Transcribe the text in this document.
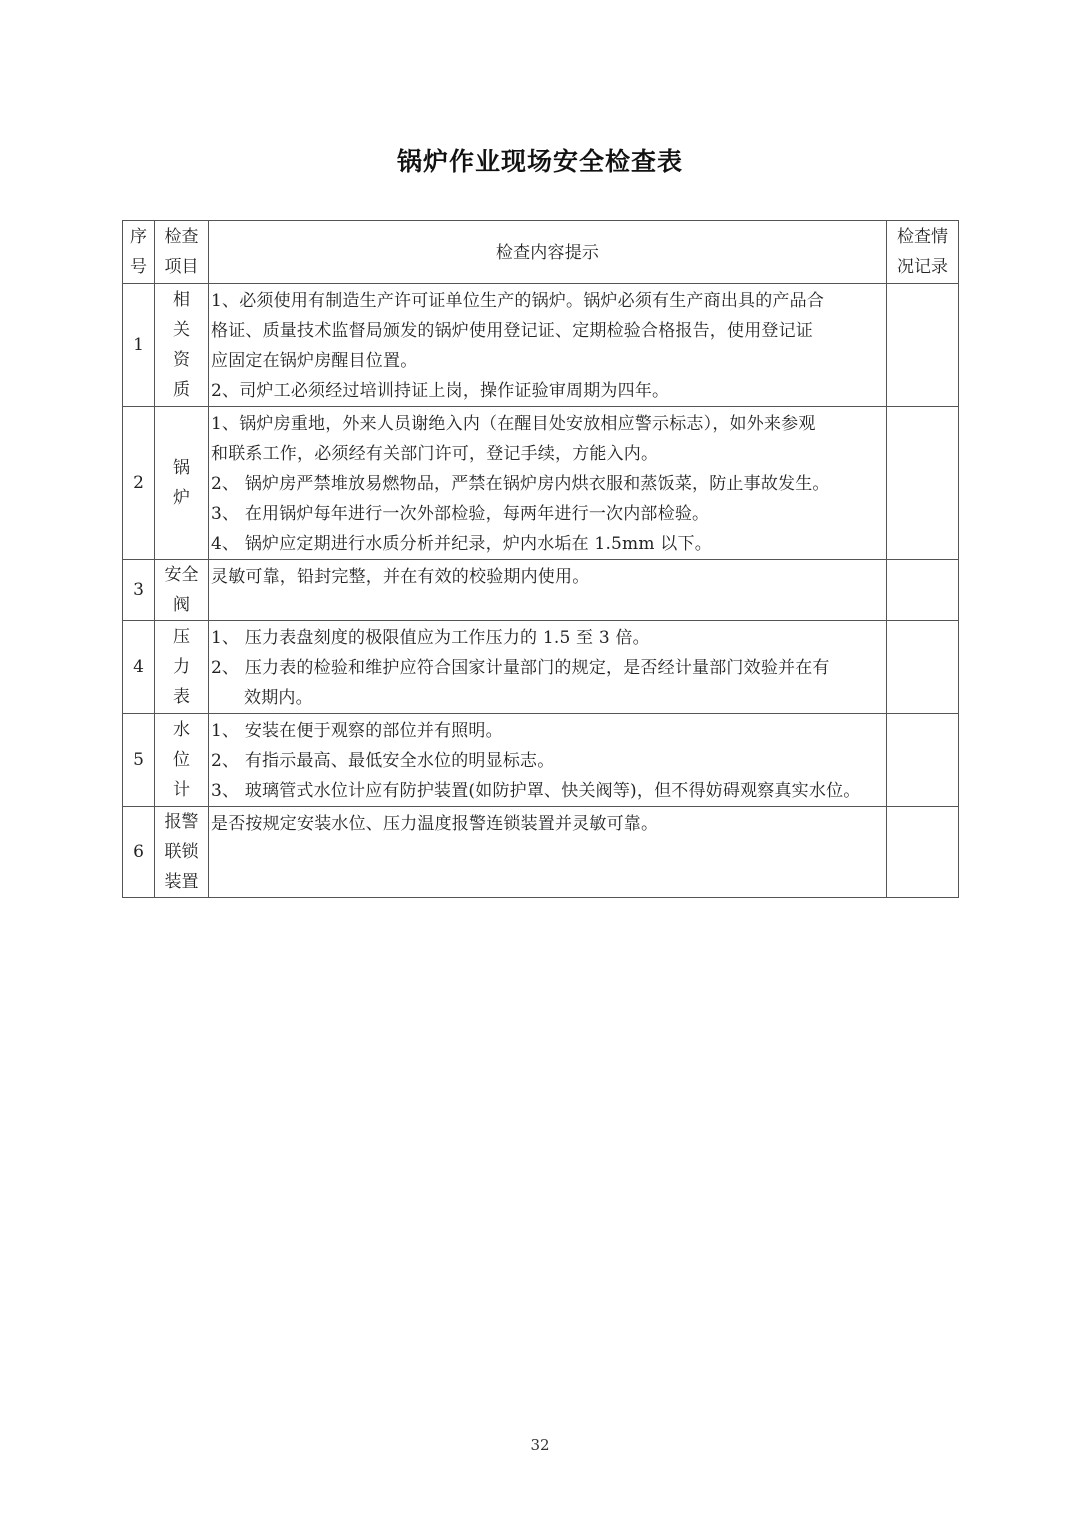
锅炉作业现场安全检查表
序
号	检查
项目	检查内容提示	检查情
况记录

1	相
关
资
质	1、必须使用有制造生产许可证单位生产的锅炉。锅炉必须有生产商出具的产品合
格证、质量技术监督局颁发的锅炉使用登记证、定期检验合格报告，使用登记证
应固定在锅炉房醒目位置。
2、司炉工必须经过培训持证上岗，操作证验审周期为四年。	

2	锅
炉	1、锅炉房重地，外来人员谢绝入内（在醒目处安放相应警示标志），如外来参观
和联系工作，必须经有关部门许可，登记手续，方能入内。
2、 锅炉房严禁堆放易燃物品，严禁在锅炉房内烘衣服和蒸饭菜，防止事故发生。
3、 在用锅炉每年进行一次外部检验，每两年进行一次内部检验。
4、 锅炉应定期进行水质分析并纪录，炉内水垢在 1.5mm 以下。	

3	安全
阀	灵敏可靠，铅封完整，并在有效的校验期内使用。	

4	压
力
表	1、 压力表盘刻度的极限值应为工作压力的 1.5 至 3 倍。
2、 压力表的检验和维护应符合国家计量部门的规定，是否经计量部门效验并在有
效期内。	

5	水
位
计	1、 安装在便于观察的部位并有照明。
2、 有指示最高、最低安全水位的明显标志。
3、 玻璃管式水位计应有防护装置(如防护罩、快关阀等)，但不得妨碍观察真实水位。	

6	报警
联锁
装置	是否按规定安装水位、压力温度报警连锁装置并灵敏可靠。	

32
